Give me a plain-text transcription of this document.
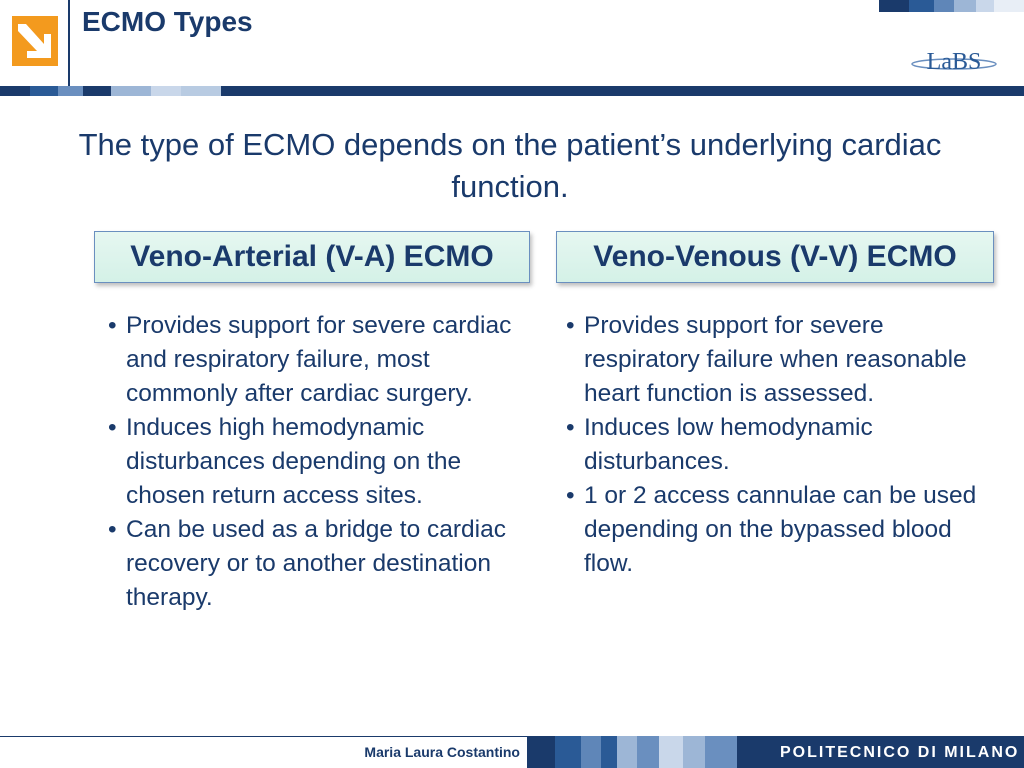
ECMO Types
LaBS
The type of ECMO depends on the patient’s underlying cardiac function.
Veno-Arterial (V-A) ECMO	Veno-Venous (V-V) ECMO
• Provides support for severe cardiac and respiratory failure, most commonly after cardiac surgery.
• Induces high hemodynamic disturbances depending on the chosen return access sites.
• Can be used as a bridge to cardiac recovery or to another destination therapy.
• Provides support for severe respiratory failure when reasonable heart function is assessed.
• Induces low hemodynamic disturbances.
• 1 or 2 access cannulae can be used depending on the bypassed blood flow.
Maria Laura Costantino	POLITECNICO DI MILANO
